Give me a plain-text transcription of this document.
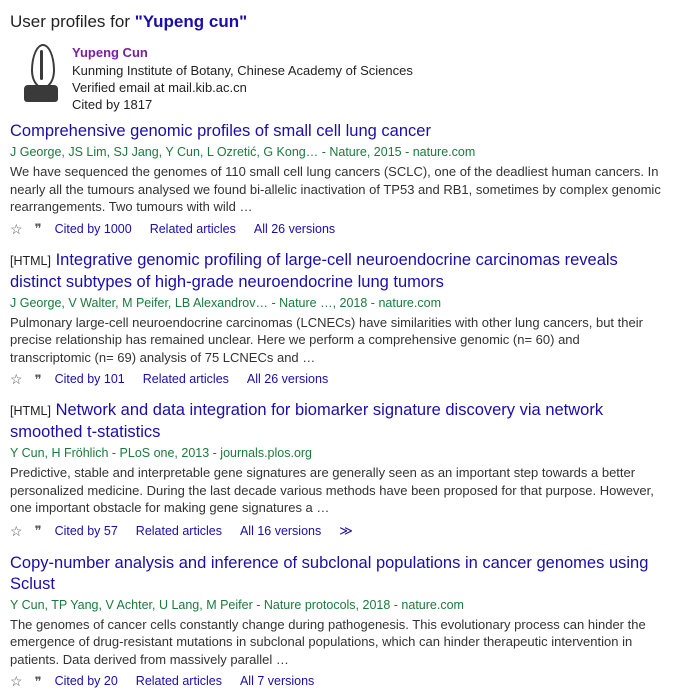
User profiles for "Yupeng cun"
Yupeng Cun
Kunming Institute of Botany, Chinese Academy of Sciences
Verified email at mail.kib.ac.cn
Cited by 1817
Comprehensive genomic profiles of small cell lung cancer
J George, JS Lim, SJ Jang, Y Cun, L Ozretić, G Kong… - Nature, 2015 - nature.com
We have sequenced the genomes of 110 small cell lung cancers (SCLC), one of the deadliest human cancers. In nearly all the tumours analysed we found bi-allelic inactivation of TP53 and RB1, sometimes by complex genomic rearrangements. Two tumours with wild …
☆ ❞ Cited by 1000 Related articles All 26 versions
[HTML] Integrative genomic profiling of large-cell neuroendocrine carcinomas reveals distinct subtypes of high-grade neuroendocrine lung tumors
J George, V Walter, M Peifer, LB Alexandrov… - Nature …, 2018 - nature.com
Pulmonary large-cell neuroendocrine carcinomas (LCNECs) have similarities with other lung cancers, but their precise relationship has remained unclear. Here we perform a comprehensive genomic (n= 60) and transcriptomic (n= 69) analysis of 75 LCNECs and …
☆ ❞ Cited by 101 Related articles All 26 versions
[HTML] Network and data integration for biomarker signature discovery via network smoothed t-statistics
Y Cun, H Fröhlich - PLoS one, 2013 - journals.plos.org
Predictive, stable and interpretable gene signatures are generally seen as an important step towards a better personalized medicine. During the last decade various methods have been proposed for that purpose. However, one important obstacle for making gene signatures a …
☆ ❞ Cited by 57 Related articles All 16 versions ≫
Copy-number analysis and inference of subclonal populations in cancer genomes using Sclust
Y Cun, TP Yang, V Achter, U Lang, M Peifer - Nature protocols, 2018 - nature.com
The genomes of cancer cells constantly change during pathogenesis. This evolutionary process can hinder the emergence of drug-resistant mutations in subclonal populations, which can hinder therapeutic intervention in patients. Data derived from massively parallel …
☆ ❞ Cited by 20 Related articles All 7 versions
